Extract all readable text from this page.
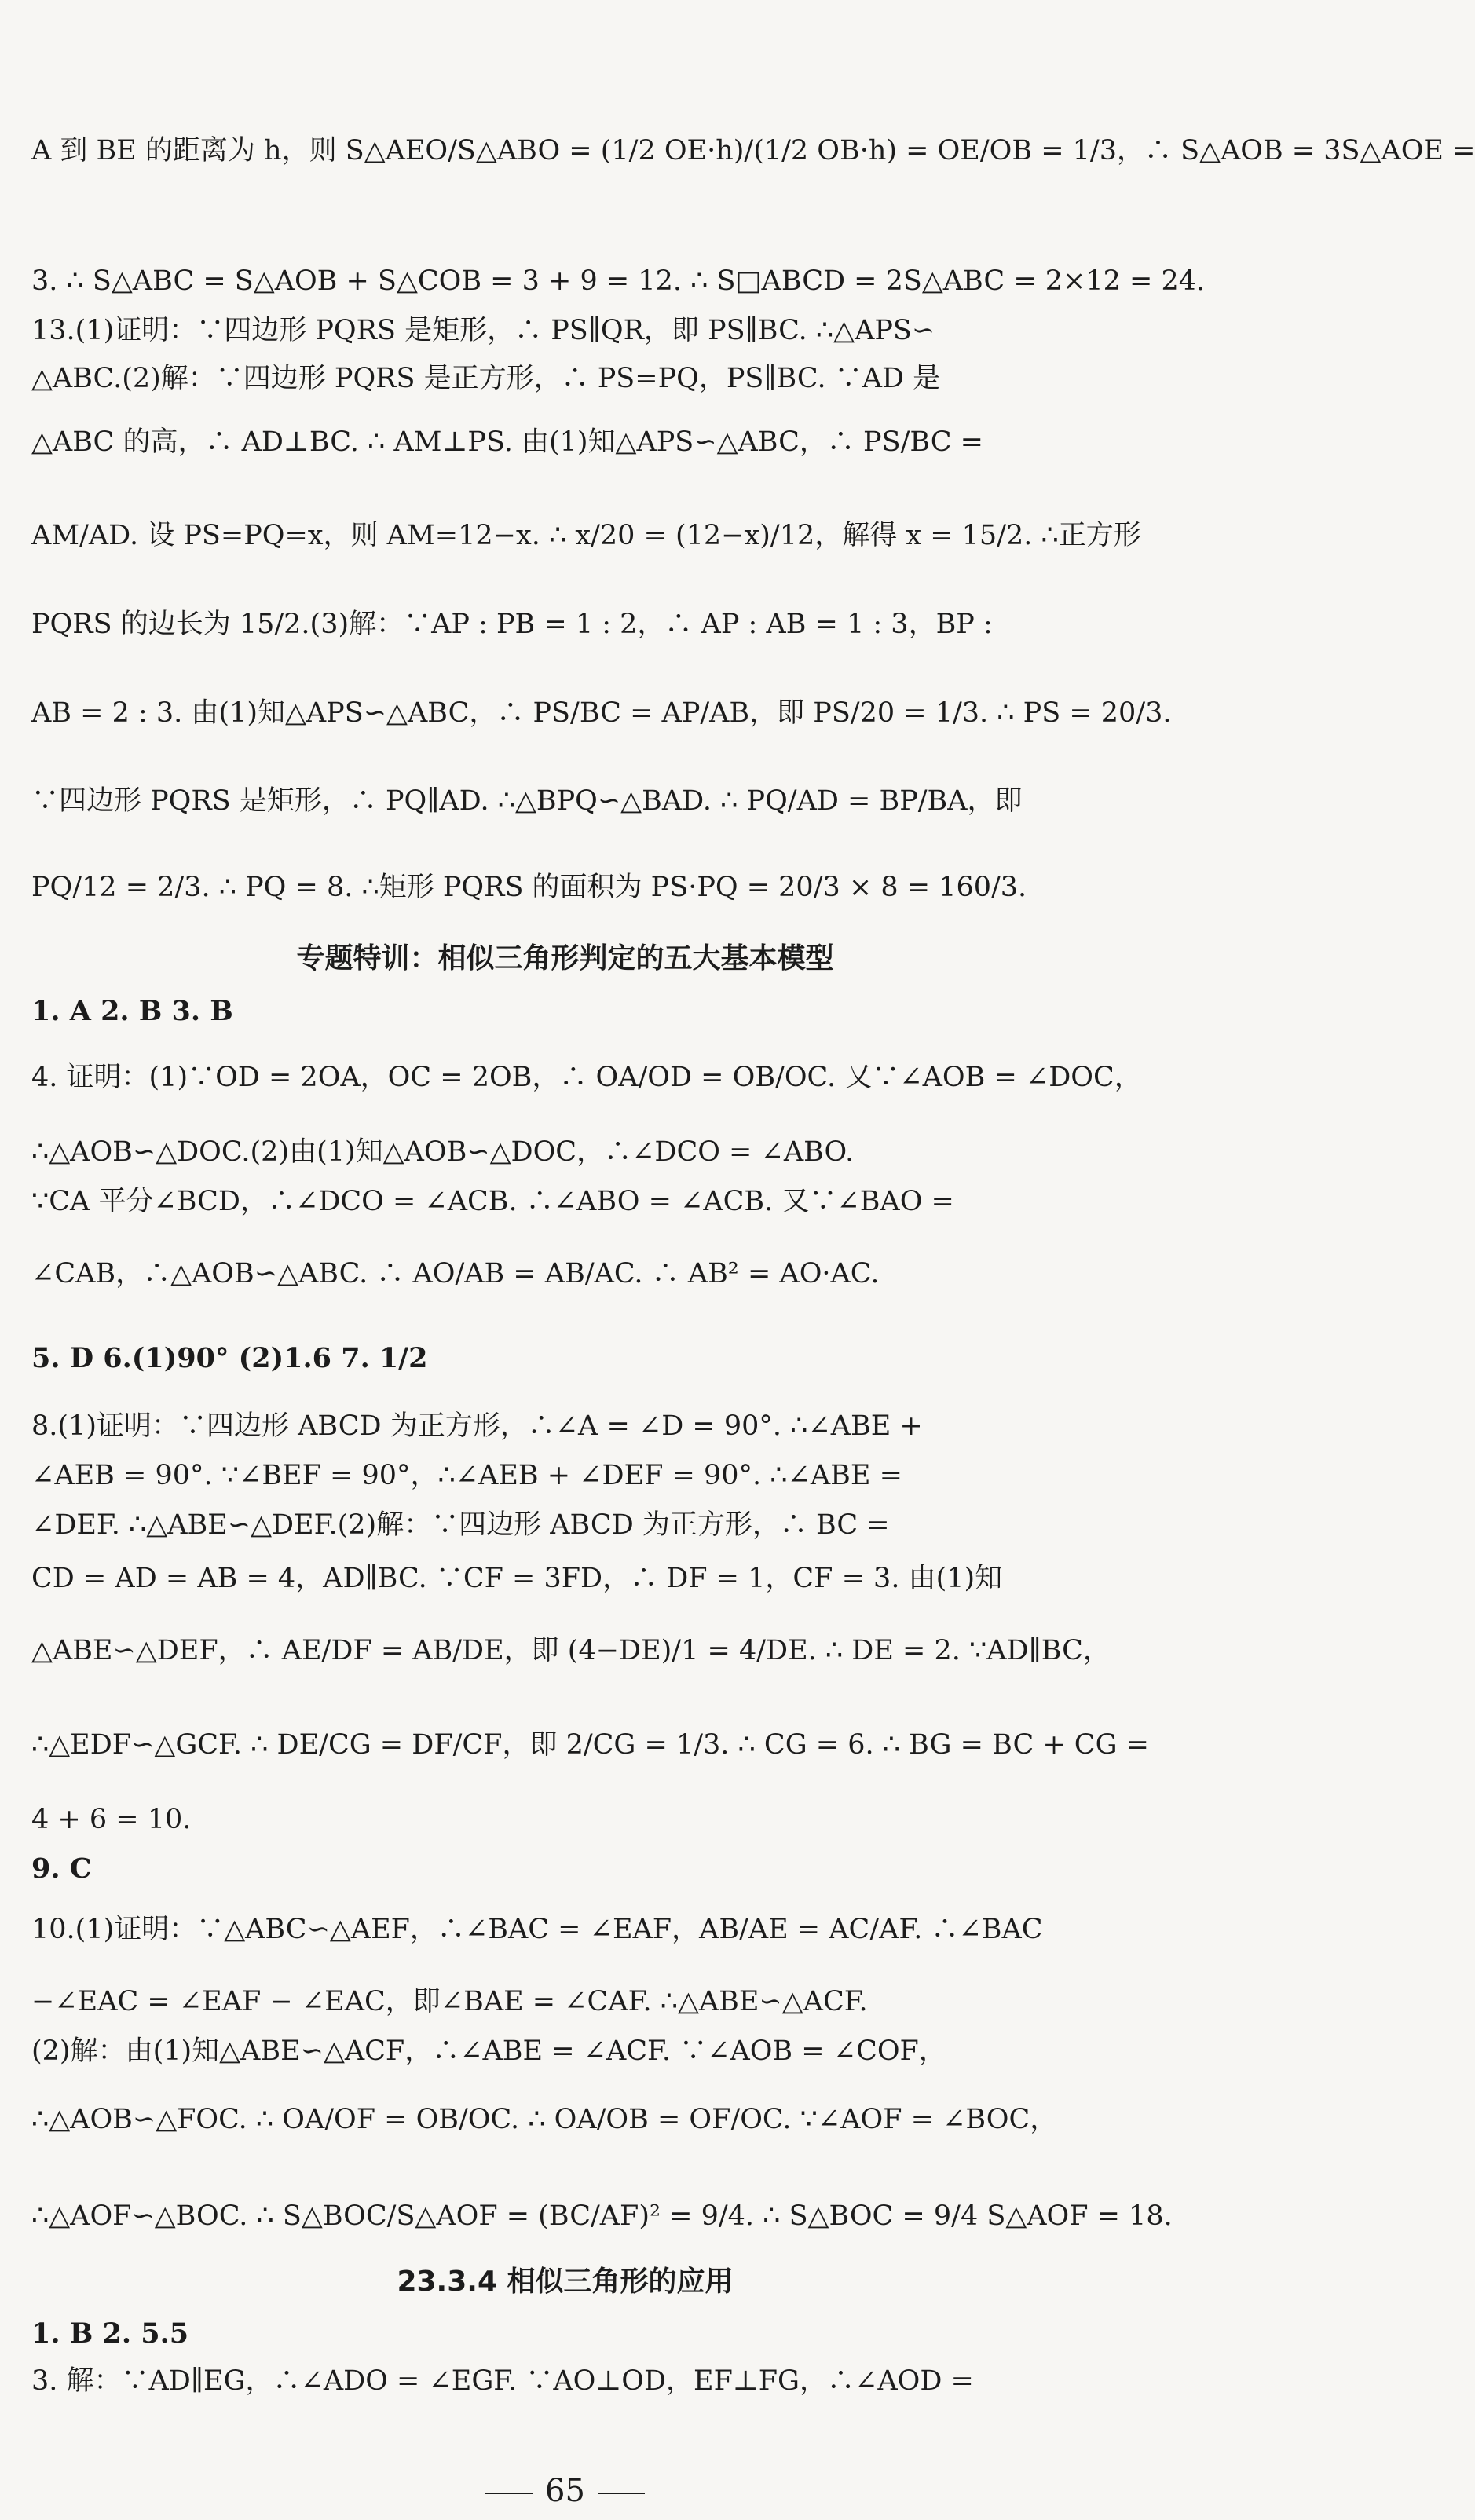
A 到 BE 的距离为 h，则 S△AEO/S△ABO = (1/2 OE·h)/(1/2 OB·h) = OE/OB = 1/3，∴ S△AOB = 3S△AOE =
3. ∴ S△ABC = S△AOB + S△COB = 3 + 9 = 12. ∴ S□ABCD = 2S△ABC = 2×12 = 24.
13.(1)证明：∵四边形 PQRS 是矩形，∴ PS∥QR，即 PS∥BC. ∴△APS∽
△ABC.(2)解：∵四边形 PQRS 是正方形，∴ PS=PQ，PS∥BC. ∵AD 是
△ABC 的高，∴ AD⊥BC. ∴ AM⊥PS. 由(1)知△APS∽△ABC，∴ PS/BC =
AM/AD. 设 PS=PQ=x，则 AM=12−x. ∴ x/20 = (12−x)/12，解得 x = 15/2. ∴正方形
PQRS 的边长为 15/2.(3)解：∵AP : PB = 1 : 2，∴ AP : AB = 1 : 3，BP :
AB = 2 : 3. 由(1)知△APS∽△ABC，∴ PS/BC = AP/AB，即 PS/20 = 1/3. ∴ PS = 20/3.
∵四边形 PQRS 是矩形，∴ PQ∥AD. ∴△BPQ∽△BAD. ∴ PQ/AD = BP/BA，即
PQ/12 = 2/3. ∴ PQ = 8. ∴矩形 PQRS 的面积为 PS·PQ = 20/3 × 8 = 160/3.
专题特训：相似三角形判定的五大基本模型
1. A 2. B 3. B
4. 证明：(1)∵OD = 2OA，OC = 2OB，∴ OA/OD = OB/OC. 又∵∠AOB = ∠DOC，
∴△AOB∽△DOC.(2)由(1)知△AOB∽△DOC，∴∠DCO = ∠ABO.
∵CA 平分∠BCD，∴∠DCO = ∠ACB. ∴∠ABO = ∠ACB. 又∵∠BAO =
∠CAB，∴△AOB∽△ABC. ∴ AO/AB = AB/AC. ∴ AB² = AO·AC.
5. D 6.(1)90° (2)1.6 7. 1/2
8.(1)证明：∵四边形 ABCD 为正方形，∴∠A = ∠D = 90°. ∴∠ABE +
∠AEB = 90°. ∵∠BEF = 90°，∴∠AEB + ∠DEF = 90°. ∴∠ABE =
∠DEF. ∴△ABE∽△DEF.(2)解：∵四边形 ABCD 为正方形，∴ BC =
CD = AD = AB = 4，AD∥BC. ∵CF = 3FD，∴ DF = 1，CF = 3. 由(1)知
△ABE∽△DEF，∴ AE/DF = AB/DE，即 (4−DE)/1 = 4/DE. ∴ DE = 2. ∵AD∥BC，
∴△EDF∽△GCF. ∴ DE/CG = DF/CF，即 2/CG = 1/3. ∴ CG = 6. ∴ BG = BC + CG =
4 + 6 = 10.
9. C
10.(1)证明：∵△ABC∽△AEF，∴∠BAC = ∠EAF，AB/AE = AC/AF. ∴∠BAC
−∠EAC = ∠EAF − ∠EAC，即∠BAE = ∠CAF. ∴△ABE∽△ACF.
(2)解：由(1)知△ABE∽△ACF，∴∠ABE = ∠ACF. ∵∠AOB = ∠COF，
∴△AOB∽△FOC. ∴ OA/OF = OB/OC. ∴ OA/OB = OF/OC. ∵∠AOF = ∠BOC，
∴△AOF∽△BOC. ∴ S△BOC/S△AOF = (BC/AF)² = 9/4. ∴ S△BOC = 9/4 S△AOF = 18.
23.3.4 相似三角形的应用
1. B 2. 5.5
3. 解：∵AD∥EG，∴∠ADO = ∠EGF. ∵AO⊥OD，EF⊥FG，∴∠AOD =
65
